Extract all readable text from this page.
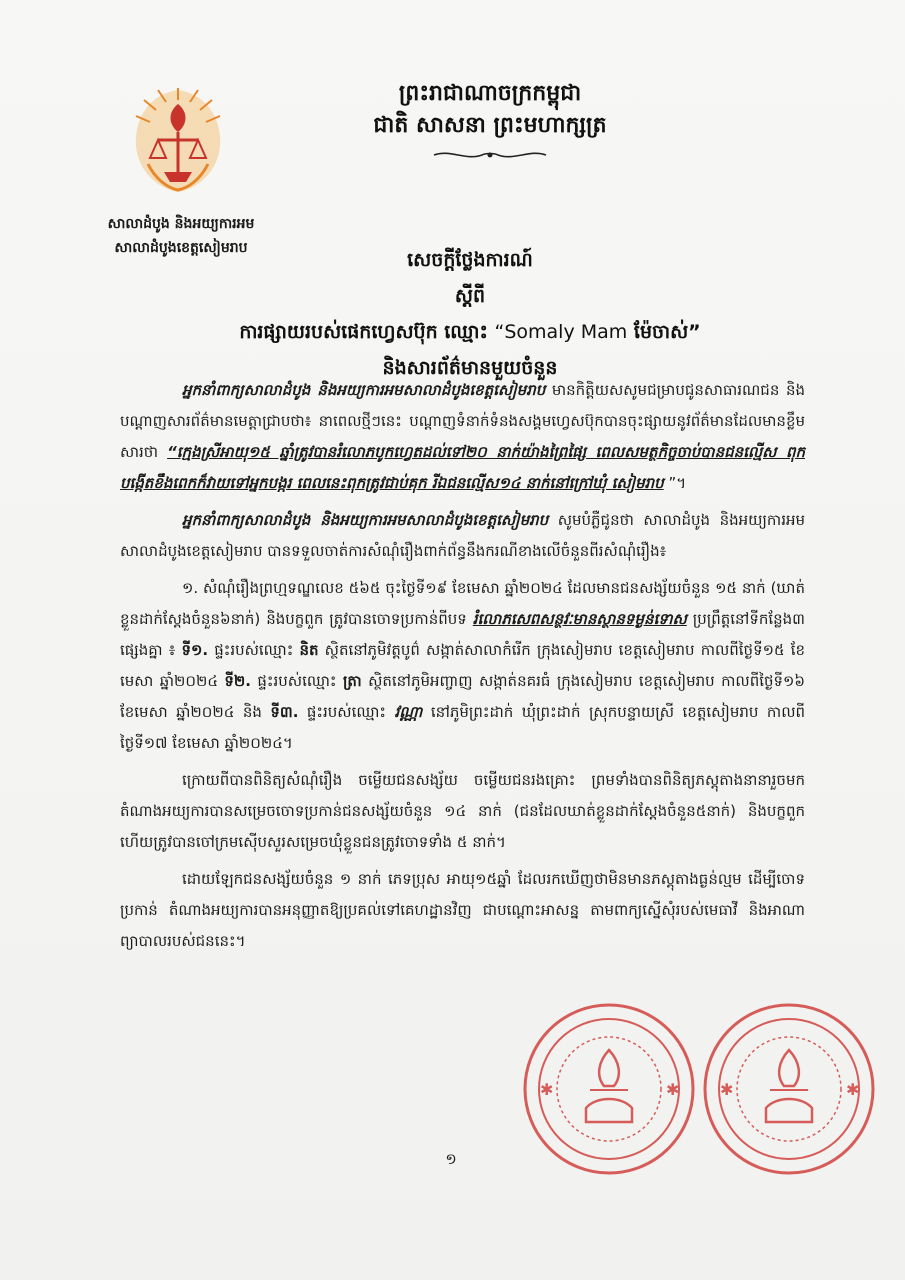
សាលាដំបូង និងអយ្យការអម
សាលាដំបូងខេត្តសៀមរាប
ព្រះរាជាណាចក្រកម្ពុជា
ជាតិ សាសនា ព្រះមហាក្សត្រ
សេចក្ដីថ្លែងការណ៍
ស្ដីពី
ការផ្សាយរបស់ផេកហ្វេសប៊ុក ឈ្មោះ “Somaly Mam ម៉ែចាស់”
និងសារព័ត៌មានមួយចំនួន

អ្នកនាំពាក្យសាលាដំបូង និងអយ្យការអមសាលាដំបូងខេត្តសៀមរាប មានកិត្តិយសសូមជម្រាបជូនសាធារណជន និងបណ្ដាញសារព័ត៌មានមេត្តាជ្រាបថា៖ នាពេលថ្មីៗនេះ បណ្ដាញទំនាក់ទំនងសង្គមហ្វេសប៊ុកបានចុះផ្សាយនូវព័ត៌មានដែលមានខ្លឹមសារថា “ក្មេងស្រីអាយុ១៥ ឆ្នាំត្រូវបានរំលោភបូកហ្វេតដល់ទៅ២០ នាក់យ៉ាងព្រៃផ្សៃ ពេលសមត្ថកិច្ចចាប់បានជនល្មើស ពុកបង្កើតខឹងពេកក៏វាយទៅអ្នកបង្ករ ពេលនេះពុកត្រូវជាប់គុក រីឯជនល្មើស១៤ នាក់នៅក្រៅឃុំ សៀមរាប ”។

អ្នកនាំពាក្យសាលាដំបូង និងអយ្យការអមសាលាដំបូងខេត្តសៀមរាប សូមបំភ្លឺជូនថា សាលាដំបូង និងអយ្យការអមសាលាដំបូងខេត្តសៀមរាប បានទទួលចាត់ការសំណុំរឿងពាក់ព័ន្ធនឹងករណីខាងលើចំនួនពីរសំណុំរឿង៖

១. សំណុំរឿងព្រហ្មទណ្ឌលេខ ៥៦៥ ចុះថ្ងៃទី១៩ ខែមេសា ឆ្នាំ២០២៤ ដែលមានជនសង្ស័យចំនួន ១៥ នាក់ (ឃាត់ខ្លួនដាក់ស្ដែងចំនួន៦នាក់) និងបក្ខពួក ត្រូវបានចោទប្រកាន់ពីបទ រំលោភសេពសន្ថវៈមានស្ថានទម្ងន់ទោស ប្រព្រឹត្តនៅទីកន្លែង៣ ផ្សេងគ្នា ៖ ទី១. ផ្ទះរបស់ឈ្មោះ និត ស្ថិតនៅភូមិវត្តបូព៌ សង្កាត់សាលាកំរើក ក្រុងសៀមរាប ខេត្តសៀមរាប កាលពីថ្ងៃទី១៥ ខែមេសា ឆ្នាំ២០២៤ ទី២. ផ្ទះរបស់ឈ្មោះ ត្រា ស្ថិតនៅភូមិអញ្ចាញ សង្កាត់នគរធំ ក្រុងសៀមរាប ខេត្តសៀមរាប កាលពីថ្ងៃទី១៦ ខែមេសា ឆ្នាំ២០២៤ និង ទី៣. ផ្ទះរបស់ឈ្មោះ វណ្ណា នៅភូមិព្រះដាក់ ឃុំព្រះដាក់ ស្រុកបន្ទាយស្រី ខេត្តសៀមរាប កាលពីថ្ងៃទី១៧ ខែមេសា ឆ្នាំ២០២៤។

ក្រោយពីបានពិនិត្យសំណុំរឿង ចម្លើយជនសង្ស័យ ចម្លើយជនរងគ្រោះ ព្រមទាំងបានពិនិត្យភស្ដុតាងនានារួចមក តំណាងអយ្យការបានសម្រេចចោទប្រកាន់ជនសង្ស័យចំនួន ១៤ នាក់ (ជនដែលឃាត់ខ្លួនដាក់ស្ដែងចំនួន៥នាក់) និងបក្ខពួក ហើយត្រូវបានចៅក្រមស៊ើបសួរសម្រេចឃុំខ្លួនជនត្រូវចោទទាំង ៥ នាក់។

ដោយឡែកជនសង្ស័យចំនួន ១ នាក់ ភេទប្រុស អាយុ១៥ឆ្នាំ ដែលរកឃើញថាមិនមានភស្ដុតាងធ្ងន់ល្មម ដើម្បីចោទប្រកាន់ តំណាងអយ្យការបានអនុញ្ញាតឱ្យប្រគល់ទៅគេហដ្ឋានវិញ ជាបណ្ដោះអាសន្ន តាមពាក្យស្នើសុំរបស់មេធាវី និងអាណាព្យាបាលរបស់ជននេះ។

✱	✱	✱	✱
១
